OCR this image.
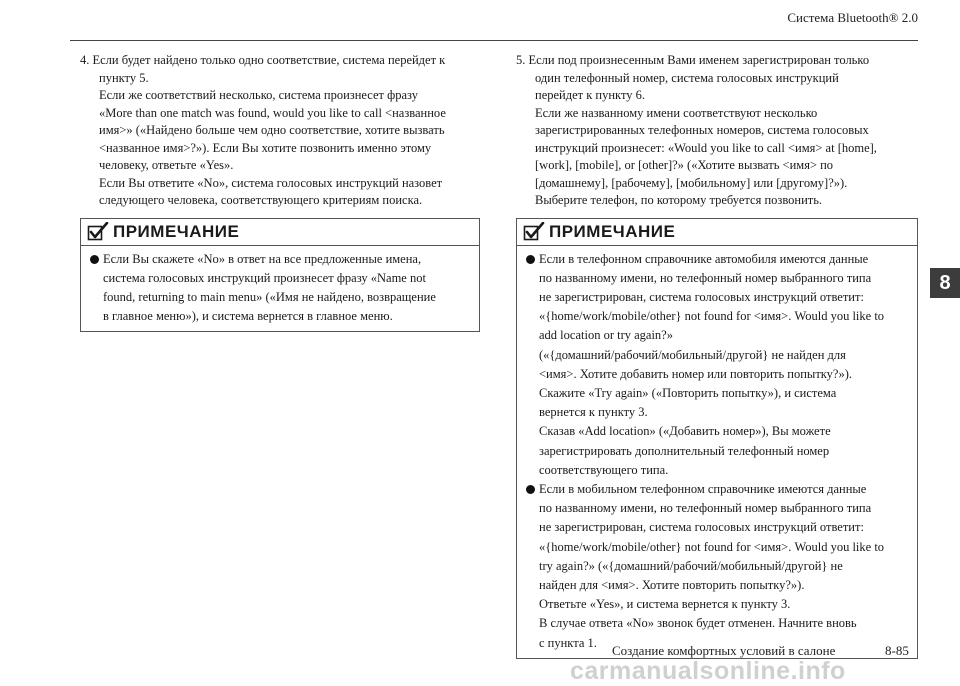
Система Bluetooth® 2.0
8

4. Если будет найдено только одно соответствие, система перейдет к

пункту 5.

Если же соответствий несколько, система произнесет фразу

«More than one match was found, would you like to call <названное

имя>» («Найдено больше чем одно соответствие, хотите вызвать

<названное имя>?»). Если Вы хотите позвонить именно этому

человеку, ответьте «Yes».

Если Вы ответите «No», система голосовых инструкций назовет

следующего человека, соответствующего критериям поиска.

ПРИМЕЧАНИЕ

Если Вы скажете «No» в ответ на все предложенные имена,

система голосовых инструкций произнесет фразу «Name not

found, returning to main menu» («Имя не найдено, возвращение

в главное меню»), и система вернется в главное меню.

5. Если под произнесенным Вами именем зарегистрирован только

один телефонный номер, система голосовых инструкций

перейдет к пункту 6.

Если же названному имени соответствуют несколько

зарегистрированных телефонных номеров, система голосовых

инструкций произнесет: «Would you like to call <имя> at [home],

[work], [mobile], or [other]?» («Хотите вызвать <имя> по

[домашнему], [рабочему], [мобильному] или [другому]?»).

Выберите телефон, по которому требуется позвонить.

ПРИМЕЧАНИЕ

Если в телефонном справочнике автомобиля имеются данные

по названному имени, но телефонный номер выбранного типа

не зарегистрирован, система голосовых инструкций ответит:

«{home/work/mobile/other} not found for <имя>. Would you like to

add location or try again?»

(«{домашний/рабочий/мобильный/другой} не найден для

<имя>. Хотите добавить номер или повторить попытку?»).

Скажите «Try again» («Повторить попытку»), и система

вернется к пункту 3.

Сказав «Add location» («Добавить номер»), Вы можете

зарегистрировать дополнительный телефонный номер

соответствующего типа.

Если в мобильном телефонном справочнике имеются данные

по названному имени, но телефонный номер выбранного типа

не зарегистрирован, система голосовых инструкций ответит:

«{home/work/mobile/other} not found for <имя>. Would you like to

try again?» («{домашний/рабочий/мобильный/другой} не

найден для <имя>. Хотите повторить попытку?»).

Ответьте «Yes», и система вернется к пункту 3.

В случае ответа «No» звонок будет отменен. Начните вновь

с пункта 1.

Создание комфортных условий в салоне	8-85
carmanualsonline.info
